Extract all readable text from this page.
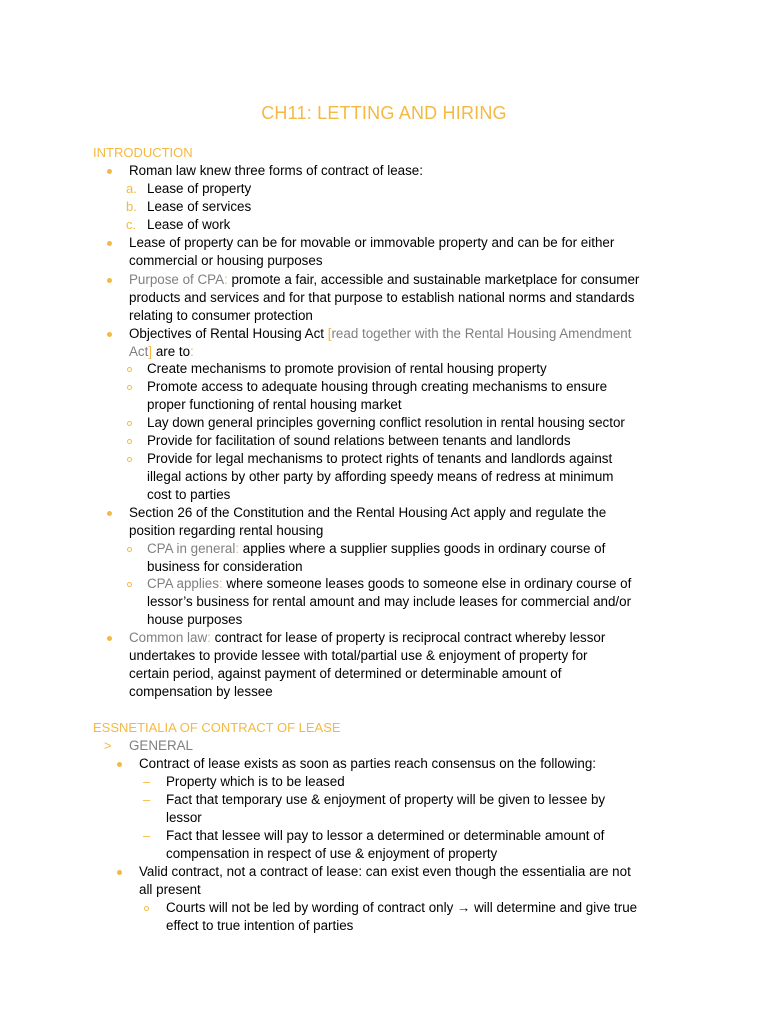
CH11: LETTING AND HIRING
INTRODUCTION
Roman law knew three forms of contract of lease:
a. Lease of property
b. Lease of services
c. Lease of work
Lease of property can be for movable or immovable property and can be for either
commercial or housing purposes
Purpose of CPA: promote a fair, accessible and sustainable marketplace for consumer
products and services and for that purpose to establish national norms and standards
relating to consumer protection
Objectives of Rental Housing Act [read together with the Rental Housing Amendment
Act] are to:
Create mechanisms to promote provision of rental housing property
Promote access to adequate housing through creating mechanisms to ensure
proper functioning of rental housing market
Lay down general principles governing conflict resolution in rental housing sector
Provide for facilitation of sound relations between tenants and landlords
Provide for legal mechanisms to protect rights of tenants and landlords against
illegal actions by other party by affording speedy means of redress at minimum
cost to parties
Section 26 of the Constitution and the Rental Housing Act apply and regulate the
position regarding rental housing
CPA in general: applies where a supplier supplies goods in ordinary course of
business for consideration
CPA applies: where someone leases goods to someone else in ordinary course of
lessor’s business for rental amount and may include leases for commercial and/or
house purposes
Common law: contract for lease of property is reciprocal contract whereby lessor
undertakes to provide lessee with total/partial use & enjoyment of property for
certain period, against payment of determined or determinable amount of
compensation by lessee
ESSNETIALIA OF CONTRACT OF LEASE
> GENERAL
Contract of lease exists as soon as parties reach consensus on the following:
– Property which is to be leased
– Fact that temporary use & enjoyment of property will be given to lessee by
lessor
– Fact that lessee will pay to lessor a determined or determinable amount of
compensation in respect of use & enjoyment of property
Valid contract, not a contract of lease: can exist even though the essentialia are not
all present
Courts will not be led by wording of contract only → will determine and give true
effect to true intention of parties
